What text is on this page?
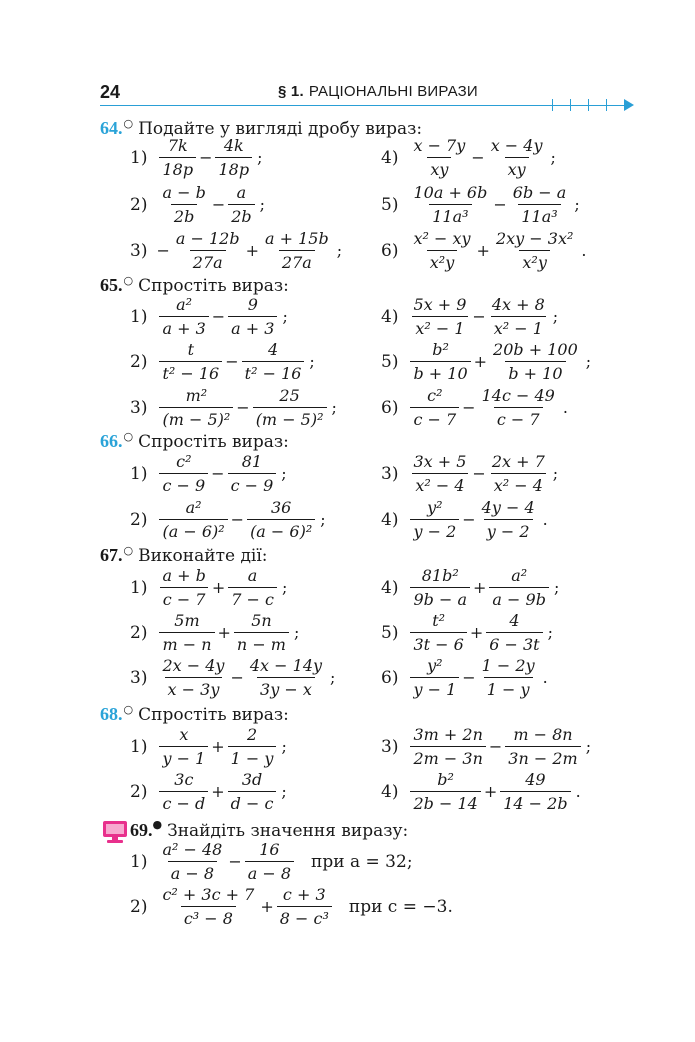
24	§ 1. РАЦІОНАЛЬНІ ВИРАЗИ
64.○ Подайте у вигляді дробу вираз:
$1) \frac{7k}{18p} - \frac{4k}{18p}$ ;	$4) \frac{x - 7y}{xy} - \frac{x - 4y}{xy}$ ;
$2) \frac{a - b}{2b} - \frac{a}{2b}$ ;	$5) \frac{10a + 6b}{\text{11a³}} - \frac{6b - a}{\text{11a³}}$ ;
$3) - \frac{a - 12b}{27a} + \frac{a + 15b}{27a}$ ; $6) \frac{\text{x² − xy}}{\text{x²y}} + \frac{\text{2xy − 3x²}}{\text{x²y}}$ .
65.○ Спростіть вираз:
$1) \frac{\text{a²}}{a + 3} - \frac{9}{a + 3}$ ;	$4) \frac{5x + 9}{\text{x² − 1}} - \frac{4x + 8}{\text{x² − 1}}$ ;
$2) \frac{t}{\text{t² − 16}} - \frac{4}{\text{t² − 16}}$ ;	$5) \frac{\text{b²}}{b + 10} + \frac{20b + 100}{b + 10}$ ;
$3) \frac{\text{m²}}{\text{(m − 5)²}} - \frac{25}{\text{(m − 5)²}}$ ;	$6) \frac{\text{c²}}{c - 7} - \frac{14c - 49}{c - 7}$ .
66.○ Спростіть вираз:
$1) \frac{\text{c²}}{c - 9} - \frac{81}{c - 9}$ ;	$3) \frac{3x + 5}{\text{x² − 4}} - \frac{2x + 7}{\text{x² − 4}}$ ;
$2) \frac{\text{a²}}{\text{(a − 6)²}} - \frac{36}{\text{(a − 6)²}}$ ;	$4) \frac{\text{y²}}{y - 2} - \frac{4y - 4}{y - 2}$ .
67.○ Виконайте дії:
$1) \frac{a + b}{c - 7} + \frac{a}{7 - c}$ ;	$4) \frac{\text{81b²}}{9b - a} + \frac{\text{a²}}{a - 9b}$ ;
$2) \frac{5m}{m - n} + \frac{5n}{n - m}$ ;	$5) \frac{\text{t²}}{3t - 6} + \frac{4}{6 - 3t}$ ;
$3) \frac{2x - 4y}{x - 3y} - \frac{4x - 14y}{3y - x}$ ;	$6) \frac{\text{y²}}{y - 1} - \frac{1 - 2y}{1 - y}$ .
68.○ Спростіть вираз:
$1) \frac{x}{y - 1} + \frac{2}{1 - y}$ ;	$3) \frac{3m + 2n}{2m - 3n} - \frac{m - 8n}{3n - 2m}$ ;
$2) \frac{3c}{c - d} + \frac{3d}{d - c}$ ;	$4) \frac{\text{b²}}{2b - 14} + \frac{49}{14 - 2b}$ .
69.● Знайдіть значення виразу:
$1) \frac{\text{a² − 48}}{a - 8} - \frac{16}{a - 8}$ при a = 32;
$2) \frac{\text{c² + 3c + 7}}{\text{c³ − 8}} + \frac{c + 3}{\text{8 − c³}}$ при c = −3.
